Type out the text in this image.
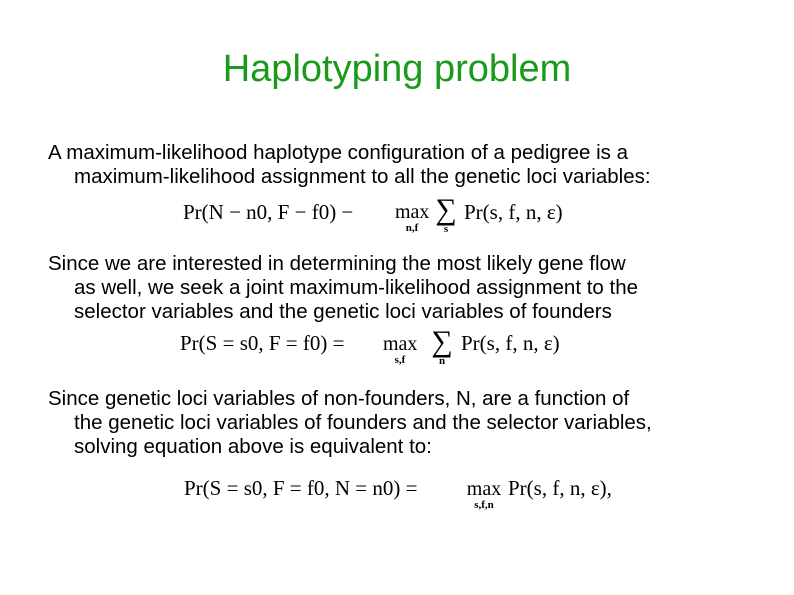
Haplotyping problem
A maximum-likelihood haplotype configuration of a pedigree is a
maximum-likelihood assignment to all the genetic loci variables:
Pr(N − n0, F − f0) − max
n,f
∑
s
Pr(s, f, n, ε)
Since we are interested in determining the most likely gene flow
as well, we seek a joint maximum-likelihood assignment to the
selector variables and the genetic loci variables of founders
Pr(S = s0, F = f0) = max
s,f
∑
n
Pr(s, f, n, ε)
Since genetic loci variables of non-founders, N, are a function of
the genetic loci variables of founders and the selector variables,
solving equation above is equivalent to:
Pr(S = s0, F = f0, N = n0) = max
s,f,n
Pr(s, f, n, ε),
